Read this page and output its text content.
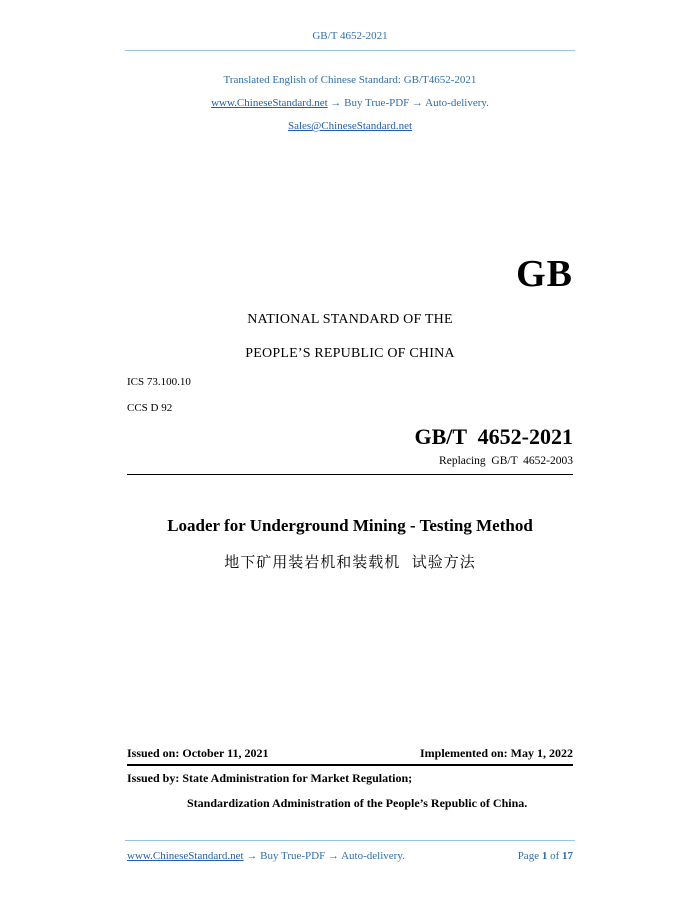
GB/T 4652-2021
Translated English of Chinese Standard: GB/T4652-2021
www.ChineseStandard.net → Buy True-PDF → Auto-delivery.
Sales@ChineseStandard.net
GB
NATIONAL STANDARD OF THE
PEOPLE’S REPUBLIC OF CHINA
ICS 73.100.10
CCS D 92
GB/T  4652-2021
Replacing  GB/T  4652-2003
Loader for Underground Mining - Testing Method
地下矿用装岩机和装载机  试验方法
Issued on: October 11, 2021	Implemented on: May 1, 2022
Issued by: State Administration for Market Regulation;
Standardization Administration of the People’s Republic of China.
www.ChineseStandard.net → Buy True-PDF → Auto-delivery.	Page 1 of 17
